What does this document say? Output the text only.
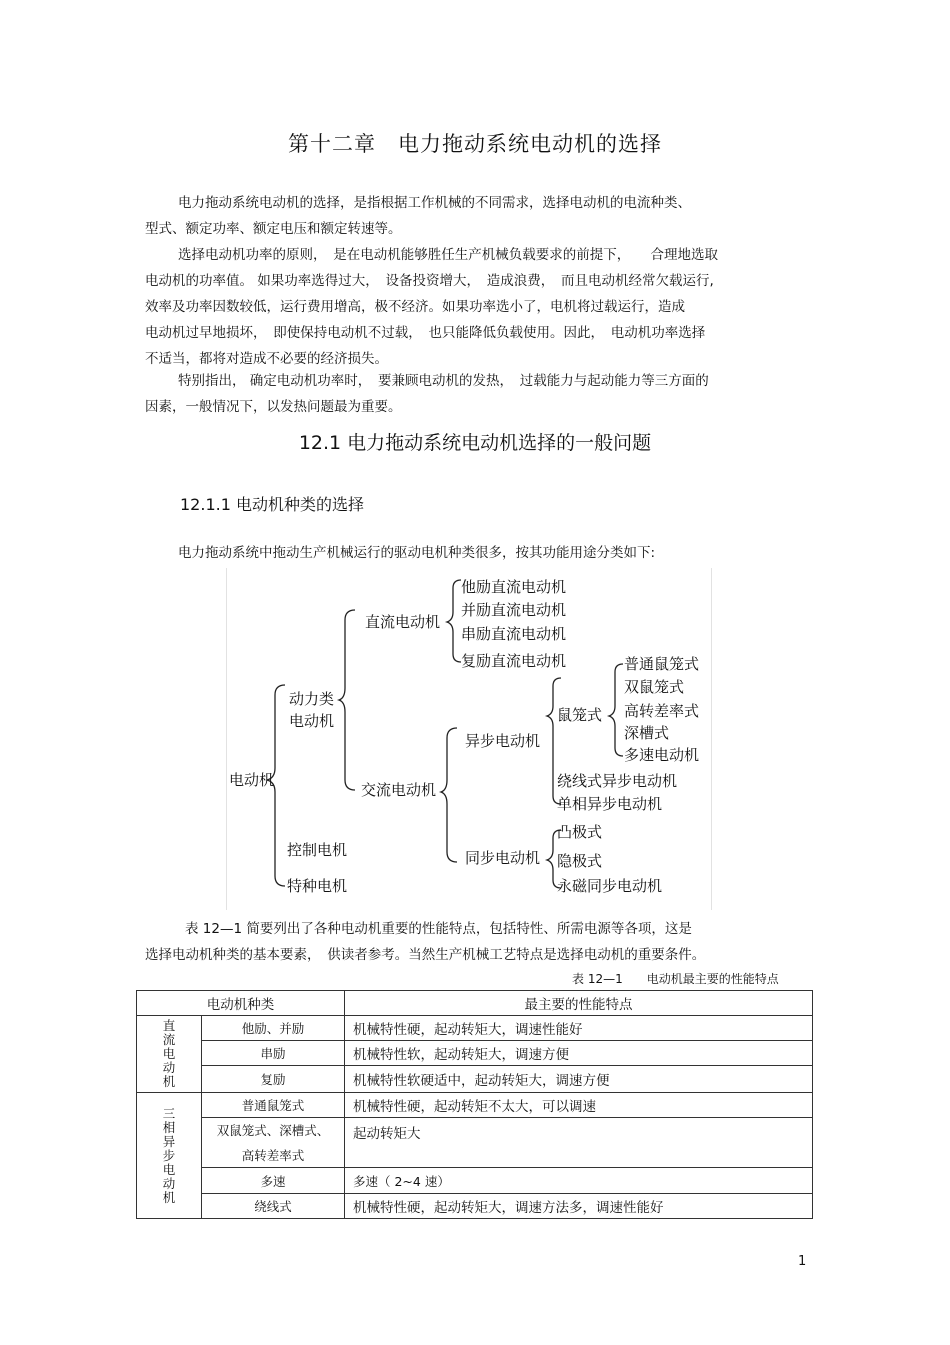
第十二章　电力拖动系统电动机的选择
电力拖动系统电动机的选择，是指根据工作机械的不同需求，选择电动机的电流种类、
型式、额定功率、额定电压和额定转速等。
选择电动机功率的原则，　是在电动机能够胜任生产机械负载要求的前提下，　　合理地选取
电动机的功率值。 如果功率选得过大，　设备投资增大，　造成浪费，　而且电动机经常欠载运行,
效率及功率因数较低，运行费用增高，极不经济。如果功率选小了，电机将过载运行，造成
电动机过早地损坏，　即使保持电动机不过载，　也只能降低负载使用。因此，　电动机功率选择
不适当，都将对造成不必要的经济损失。
特别指出， 确定电动机功率时，　要兼顾电动机的发热，　过载能力与起动能力等三方面的
因素，一般情况下，以发热问题最为重要。
12.1 电力拖动系统电动机选择的一般问题
12.1.1 电动机种类的选择
电力拖动系统中拖动生产机械运行的驱动电机种类很多，按其功能用途分类如下:
电动机
动力类
电动机
控制电机
特种电机
直流电动机
他励直流电动机
并励直流电动机
串励直流电动机
复励直流电动机
交流电动机
异步电动机
鼠笼式
普通鼠笼式
双鼠笼式
高转差率式
深槽式
多速电动机
绕线式异步电动机
单相异步电动机
同步电动机
凸极式
隐极式
永磁同步电动机
表 12—1 简要列出了各种电动机重要的性能特点，包括特性、所需电源等各项，这是
选择电动机种类的基本要素，　供读者参考。当然生产机械工艺特点是选择电动机的重要条件。
表 12—1　　电动机最主要的性能特点
电动机种类		最主要的性能特点
直流电动机	他励、并励	机械特性硬，起动转矩大，调速性能好
	串励	机械特性软，起动转矩大，调速方便
	复励	机械特性软硬适中，起动转矩大，调速方便
三相异步电动机	普通鼠笼式	机械特性硬，起动转矩不太大，可以调速
	双鼠笼式、深槽式、	起动转矩大
	高转差率式	
	多速	多速（ 2~4 速）
	绕线式	机械特性硬，起动转矩大，调速方法多，调速性能好
1
